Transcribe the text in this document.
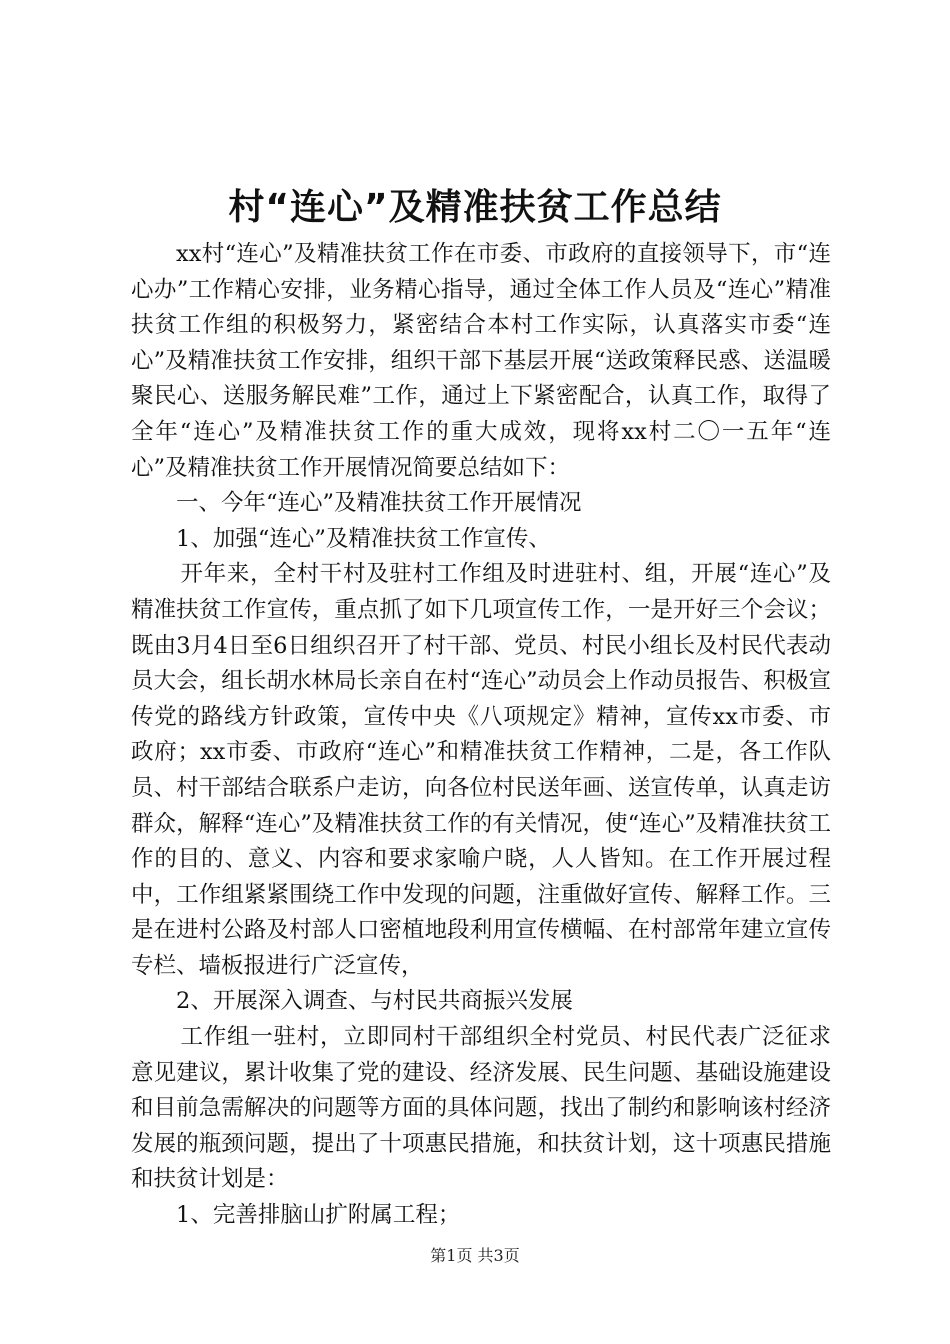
村“连心”及精准扶贫工作总结

xx村“连心”及精准扶贫工作在市委、市政府的直接领导下，市“连心办”工作精心安排，业务精心指导，通过全体工作人员及“连心”精准扶贫工作组的积极努力，紧密结合本村工作实际，认真落实市委“连心”及精准扶贫工作安排，组织干部下基层开展“送政策释民惑、送温暖聚民心、送服务解民难”工作，通过上下紧密配合，认真工作，取得了全年“连心”及精准扶贫工作的重大成效，现将xx村二〇一五年“连心”及精准扶贫工作开展情况简要总结如下：

一、今年“连心”及精准扶贫工作开展情况

1、加强“连心”及精准扶贫工作宣传、

开年来，全村干村及驻村工作组及时进驻村、组，开展“连心”及精准扶贫工作宣传，重点抓了如下几项宣传工作，一是开好三个会议；既由3月4日至6日组织召开了村干部、党员、村民小组长及村民代表动员大会，组长胡水林局长亲自在村“连心”动员会上作动员报告、积极宣传党的路线方针政策，宣传中央《八项规定》精神，宣传xx市委、市政府；xx市委、市政府“连心”和精准扶贫工作精神，二是，各工作队员、村干部结合联系户走访，向各位村民送年画、送宣传单，认真走访群众，解释“连心”及精准扶贫工作的有关情况，使“连心”及精准扶贫工作的目的、意义、内容和要求家喻户晓，人人皆知。在工作开展过程中，工作组紧紧围绕工作中发现的问题，注重做好宣传、解释工作。三是在进村公路及村部人口密植地段利用宣传横幅、在村部常年建立宣传专栏、墙板报进行广泛宣传，

2、开展深入调查、与村民共商振兴发展

工作组一驻村，立即同村干部组织全村党员、村民代表广泛征求意见建议，累计收集了党的建设、经济发展、民生问题、基础设施建设和目前急需解决的问题等方面的具体问题，找出了制约和影响该村经济发展的瓶颈问题，提出了十项惠民措施，和扶贫计划，这十项惠民措施和扶贫计划是：

1、完善排脑山扩附属工程；

第1页 共3页
